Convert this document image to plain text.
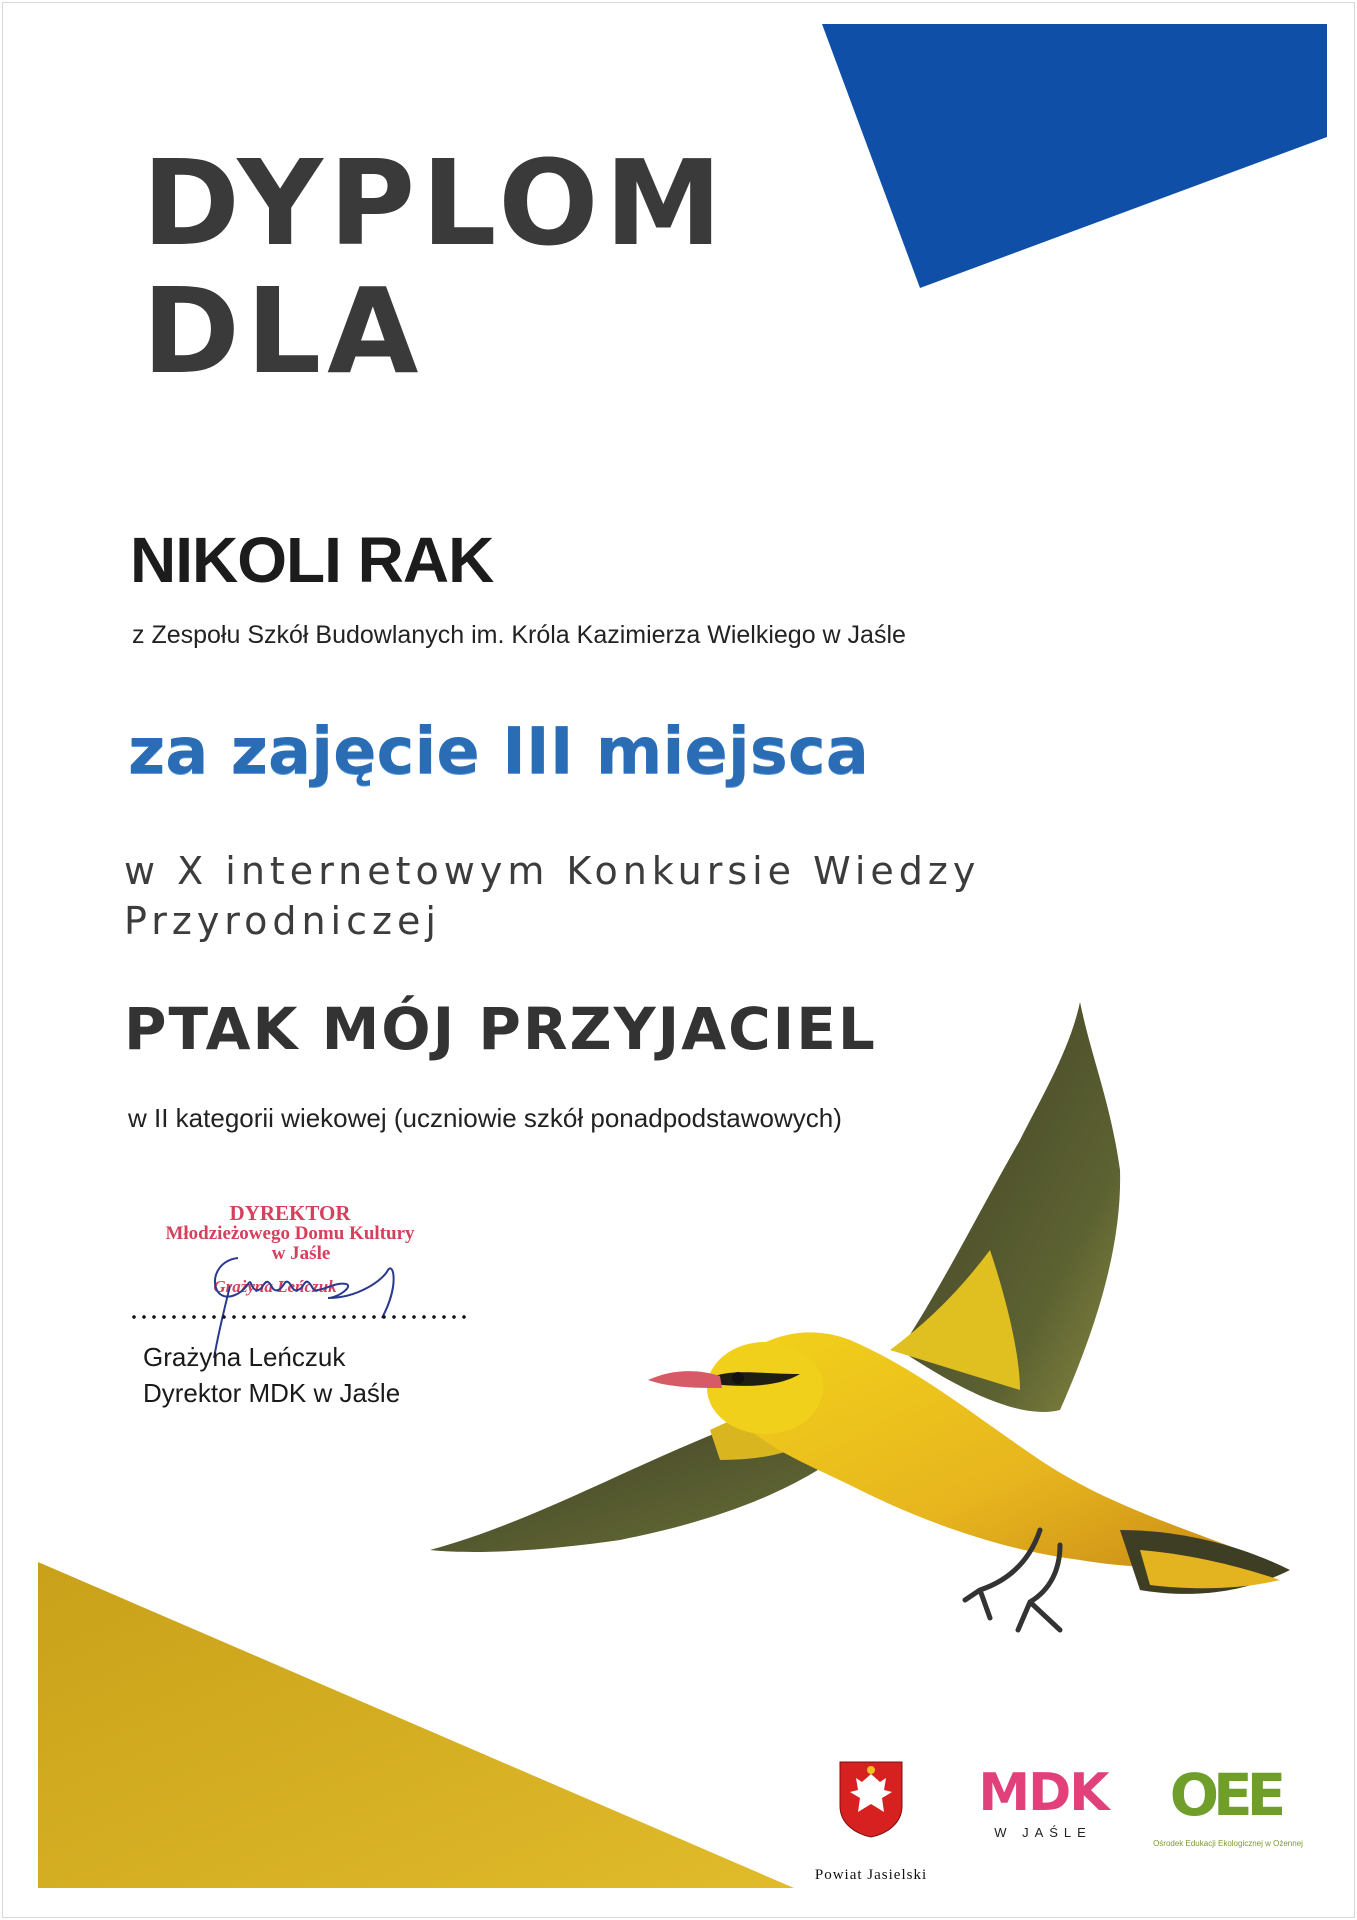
DYPLOM
DLA
NIKOLI RAK
z Zespołu Szkół Budowlanych im. Króla Kazimierza Wielkiego w Jaśle
za zajęcie III miejsca
w X internetowym Konkursie Wiedzy Przyrodniczej
PTAK MÓJ PRZYJACIEL
w II kategorii wiekowej (uczniowie szkół ponadpodstawowych)
DYREKTOR
Młodzieżowego Domu Kultury
w Jaśle
Grażyna Leńczuk
Grażyna Leńczuk
Dyrektor MDK w Jaśle
Powiat Jasielski
MDK
W JAŚLE
OEE
Ośrodek Edukacji Ekologicznej w Ożennej
